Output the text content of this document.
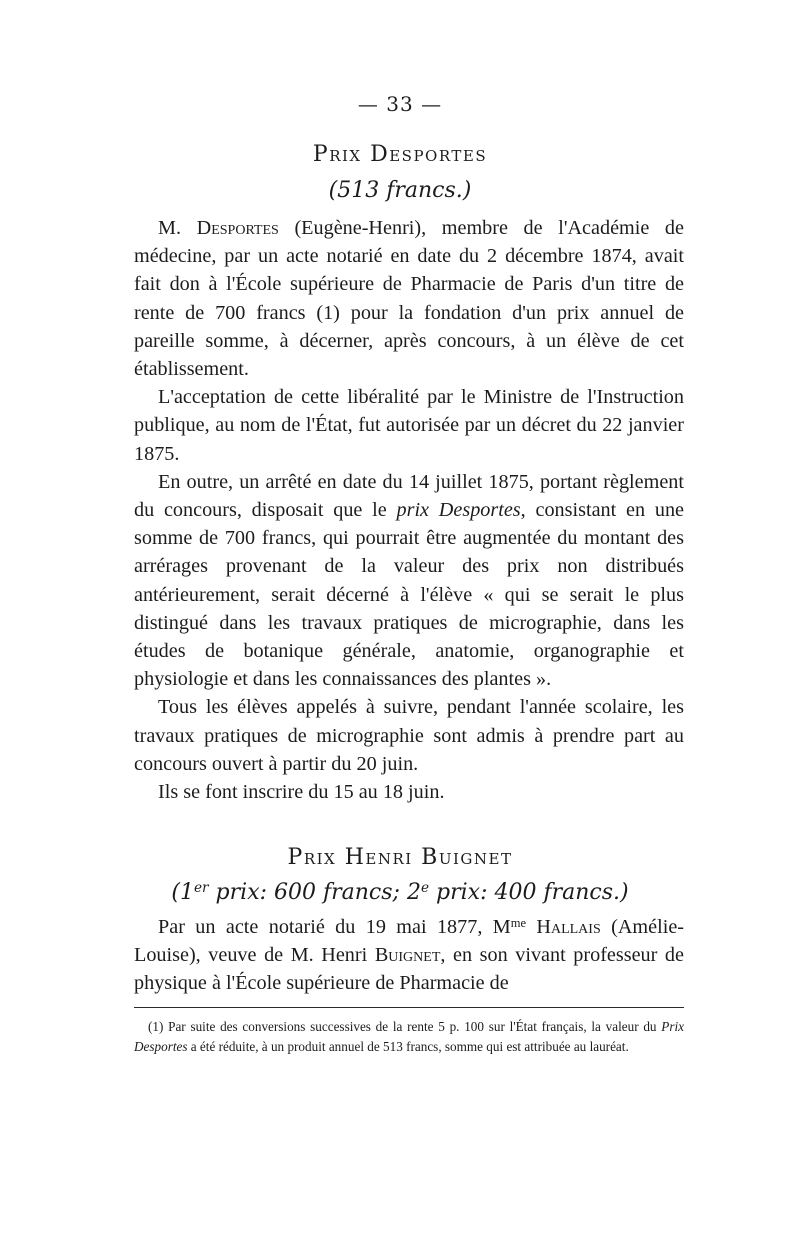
— 33 —
Prix Desportes
(513 francs.)

M. Desportes (Eugène-Henri), membre de l'Académie de médecine, par un acte notarié en date du 2 décembre 1874, avait fait don à l'École supérieure de Pharmacie de Paris d'un titre de rente de 700 francs (1) pour la fondation d'un prix annuel de pareille somme, à décerner, après concours, à un élève de cet établissement.

L'acceptation de cette libéralité par le Ministre de l'Instruction publique, au nom de l'État, fut autorisée par un décret du 22 janvier 1875.

En outre, un arrêté en date du 14 juillet 1875, portant règlement du concours, disposait que le prix Desportes, consistant en une somme de 700 francs, qui pourrait être augmentée du montant des arrérages provenant de la valeur des prix non distribués antérieurement, serait décerné à l'élève « qui se serait le plus distingué dans les travaux pratiques de micrographie, dans les études de botanique générale, anatomie, organographie et physiologie et dans les connaissances des plantes ».

Tous les élèves appelés à suivre, pendant l'année scolaire, les travaux pratiques de micrographie sont admis à prendre part au concours ouvert à partir du 20 juin.

Ils se font inscrire du 15 au 18 juin.

Prix Henri Buignet
(1er prix: 600 francs; 2e prix: 400 francs.)

Par un acte notarié du 19 mai 1877, $M^{me}$ Hallais (Amélie-Louise), veuve de M. Henri Buignet, en son vivant professeur de physique à l'École supérieure de Pharmacie de

(1) Par suite des conversions successives de la rente 5 p. 100 sur l'État français, la valeur du Prix Desportes a été réduite, à un produit annuel de 513 francs, somme qui est attribuée au lauréat.
